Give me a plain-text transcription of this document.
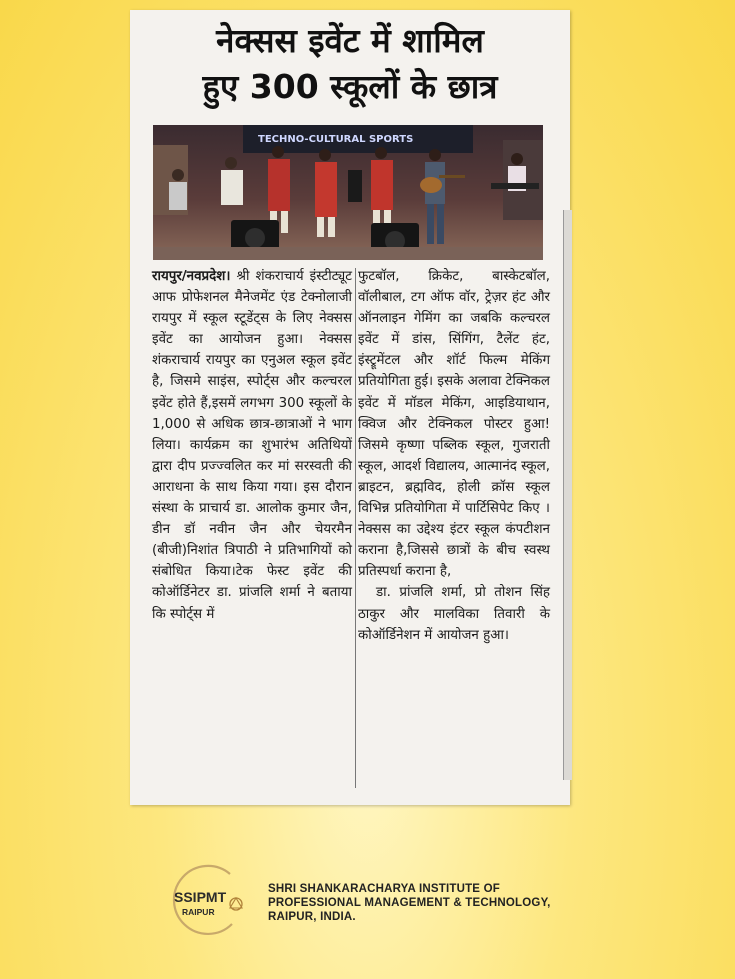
नेक्सस इवेंट में शामिल
हुए 300 स्कूलों के छात्र
TECHNO-CULTURAL SPORTS

रायपुर/नवप्रदेश। श्री शंकराचार्य इंस्टीट्यूट आफ प्रोफेशनल मैनेजमेंट एंड टेक्नोलाजी रायपुर में स्कूल स्टूडेंट्स के लिए नेक्सस इवेंट का आयोजन हुआ। नेक्सस शंकराचार्य रायपुर का एनुअल स्कूल इवेंट है, जिसमे साइंस, स्पोर्ट्स और कल्चरल इवेंट होते हैं,इसमें लगभग 300 स्कूलों के 1,000 से अधिक छात्र-छात्राओं ने भाग लिया। कार्यक्रम का शुभारंभ अतिथियों द्वारा दीप प्रज्ज्वलित कर मां सरस्वती की आराधना के साथ किया गया। इस दौरान संस्था के प्राचार्य डा. आलोक कुमार जैन, डीन डॉ नवीन जैन और चेयरमैन (बीजी)निशांत त्रिपाठी ने प्रतिभागियों को संबोधित किया।टेक फेस्ट इवेंट की कोऑर्डिनेटर डा. प्रांजलि शर्मा ने बताया कि स्पोर्ट्स में

फुटबॉल, क्रिकेट, बास्केटबॉल, वॉलीबाल, टग ऑफ वॉर, ट्रेज़र हंट और ऑनलाइन गेमिंग का जबकि कल्चरल इवेंट में डांस, सिंगिंग, टैलेंट हंट, इंस्ट्रूमेंटल और शॉर्ट फिल्म मेकिंग प्रतियोगिता हुई। इसके अलावा टेक्निकल इवेंट में मॉडल मेकिंग, आइडियाथान, क्विज और टेक्निकल पोस्टर हुआ! जिसमे कृष्णा पब्लिक स्कूल, गुजराती स्कूल, आदर्श विद्यालय, आत्मानंद स्कूल, ब्राइटन, ब्रह्मविद, होली क्रॉस स्कूल विभिन्न प्रतियोगिता में पार्टिसिपेट किए । नेक्सस का उद्देश्य इंटर स्कूल कंपटीशन कराना है,जिससे छात्रों के बीच स्वस्थ प्रतिस्पर्धा कराना है,

डा. प्रांजलि शर्मा, प्रो तोशन सिंह ठाकुर और मालविका तिवारी के कोऑर्डिनेशन में आयोजन हुआ।

SSIPMT
RAIPUR
SHRI SHANKARACHARYA INSTITUTE OF
PROFESSIONAL MANAGEMENT & TECHNOLOGY,
RAIPUR, INDIA.
